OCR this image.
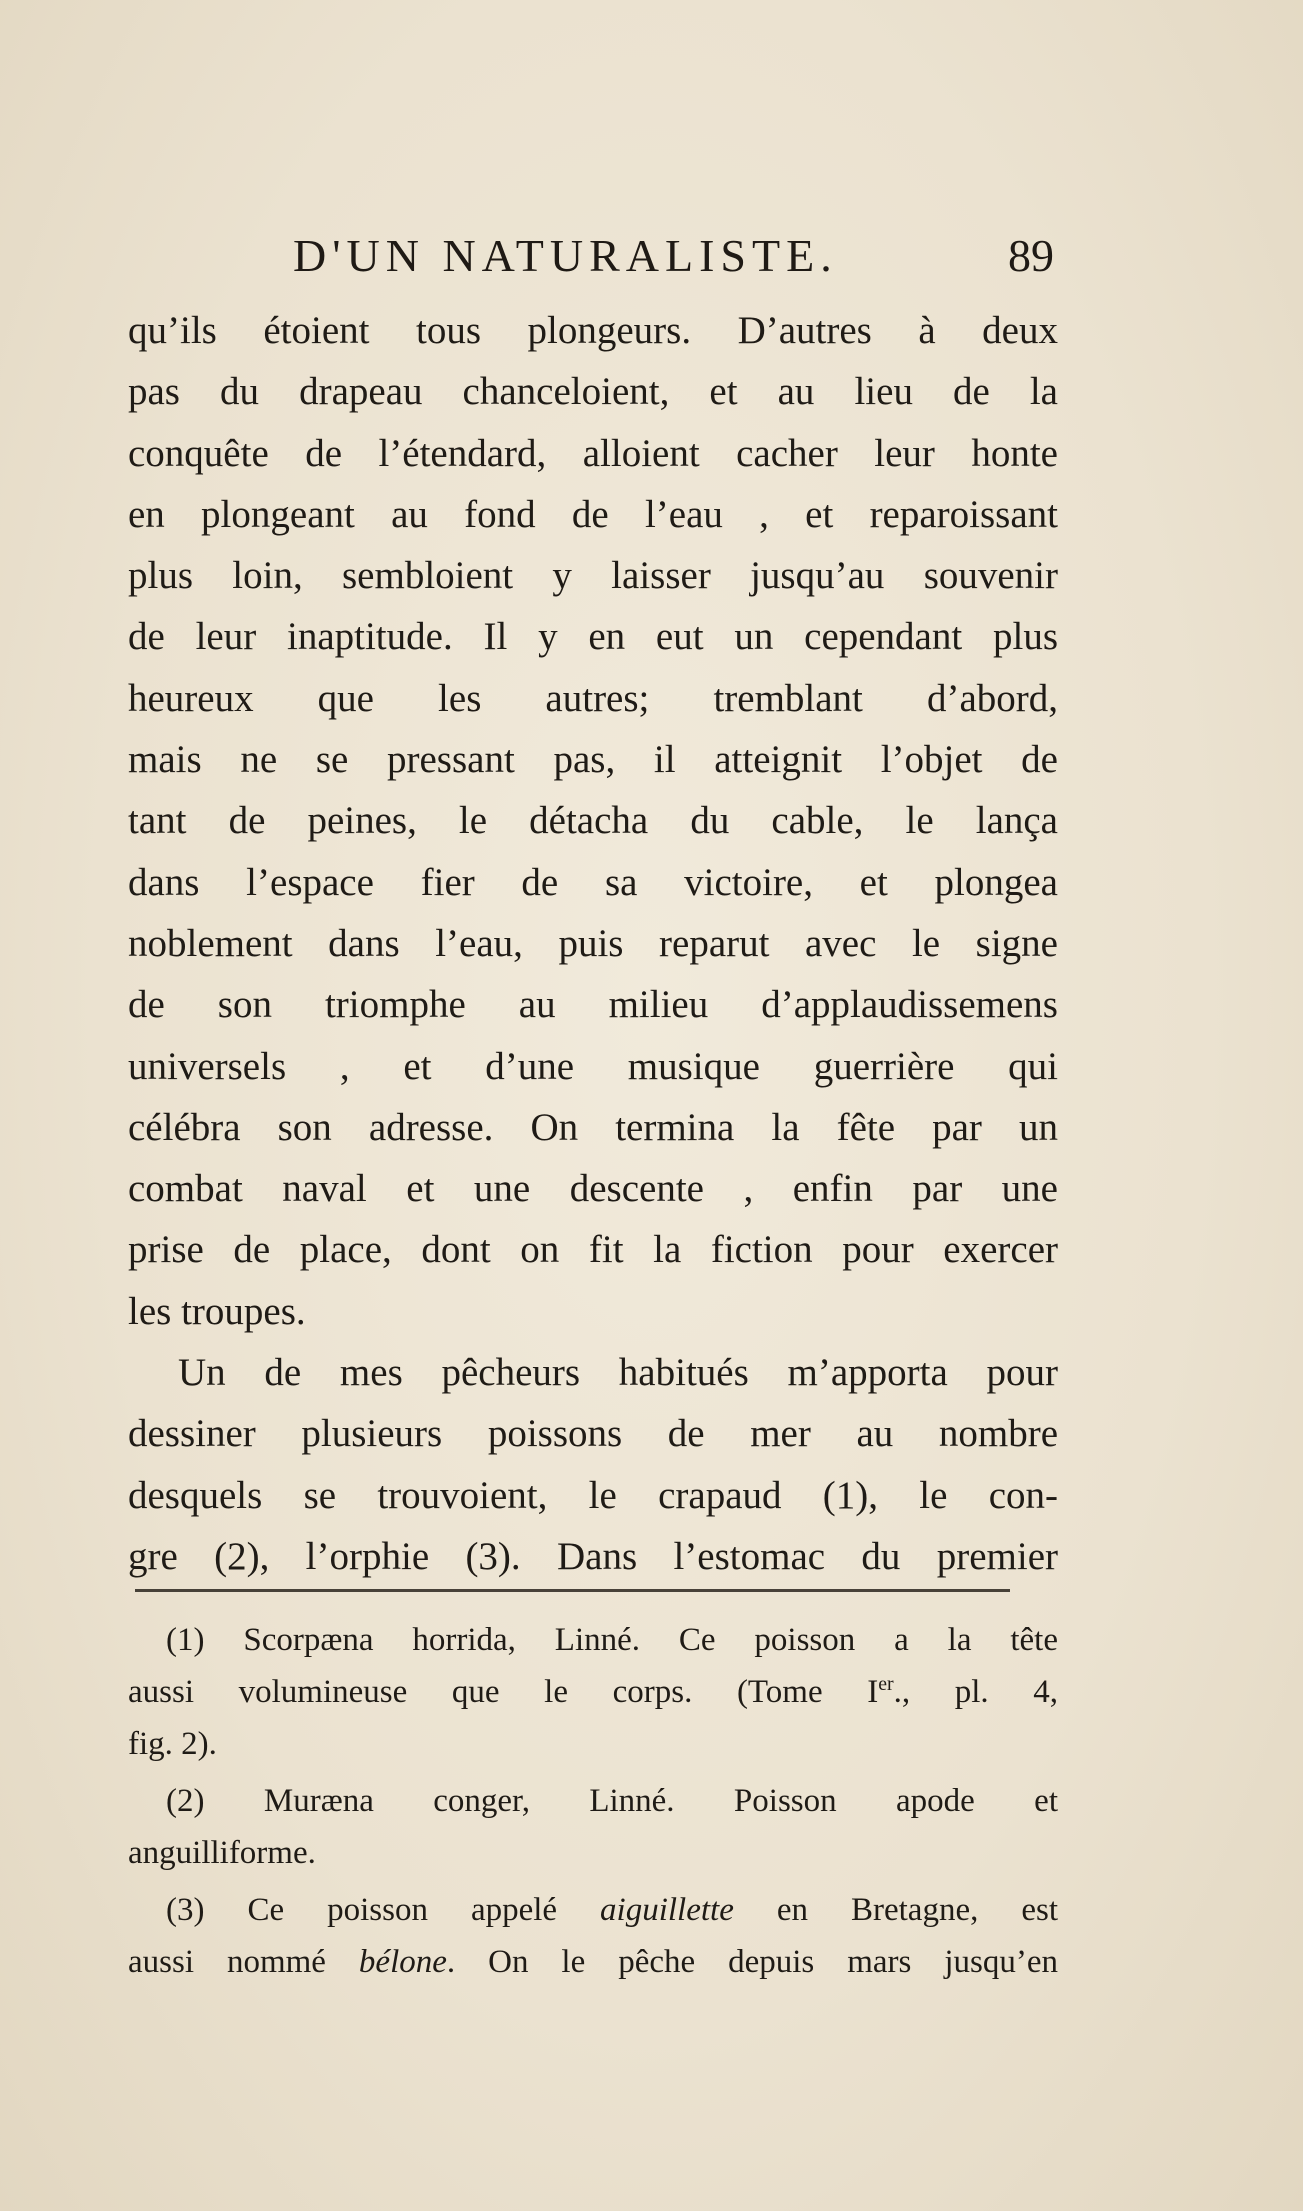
D'UN NATURALISTE.	89
qu’ils étoient tous plongeurs. D’autres à deux
pas du drapeau chanceloient, et au lieu de la
conquête de l’étendard, alloient cacher leur honte
en plongeant au fond de l’eau , et reparoissant
plus loin, sembloient y laisser jusqu’au souvenir
de leur inaptitude. Il y en eut un cependant plus
heureux que les autres; tremblant d’abord,
mais ne se pressant pas, il atteignit l’objet de
tant de peines, le détacha du cable, le lança
dans l’espace fier de sa victoire, et plongea
noblement dans l’eau, puis reparut avec le signe
de son triomphe au milieu d’applaudissemens
universels , et d’une musique guerrière qui
célébra son adresse. On termina la fête par un
combat naval et une descente , enfin par une
prise de place, dont on fit la fiction pour exercer
les troupes.
Un de mes pêcheurs habitués m’apporta pour
dessiner plusieurs poissons de mer au nombre
desquels se trouvoient, le crapaud (1), le con-
gre (2), l’orphie (3). Dans l’estomac du premier
(1) Scorpæna horrida, Linné. Ce poisson a la tête
aussi volumineuse que le corps. (Tome Ier., pl. 4,
fig. 2).
(2) Muræna conger, Linné. Poisson apode et
anguilliforme.
(3) Ce poisson appelé aiguillette en Bretagne, est
aussi nommé bélone. On le pêche depuis mars jusqu’en
